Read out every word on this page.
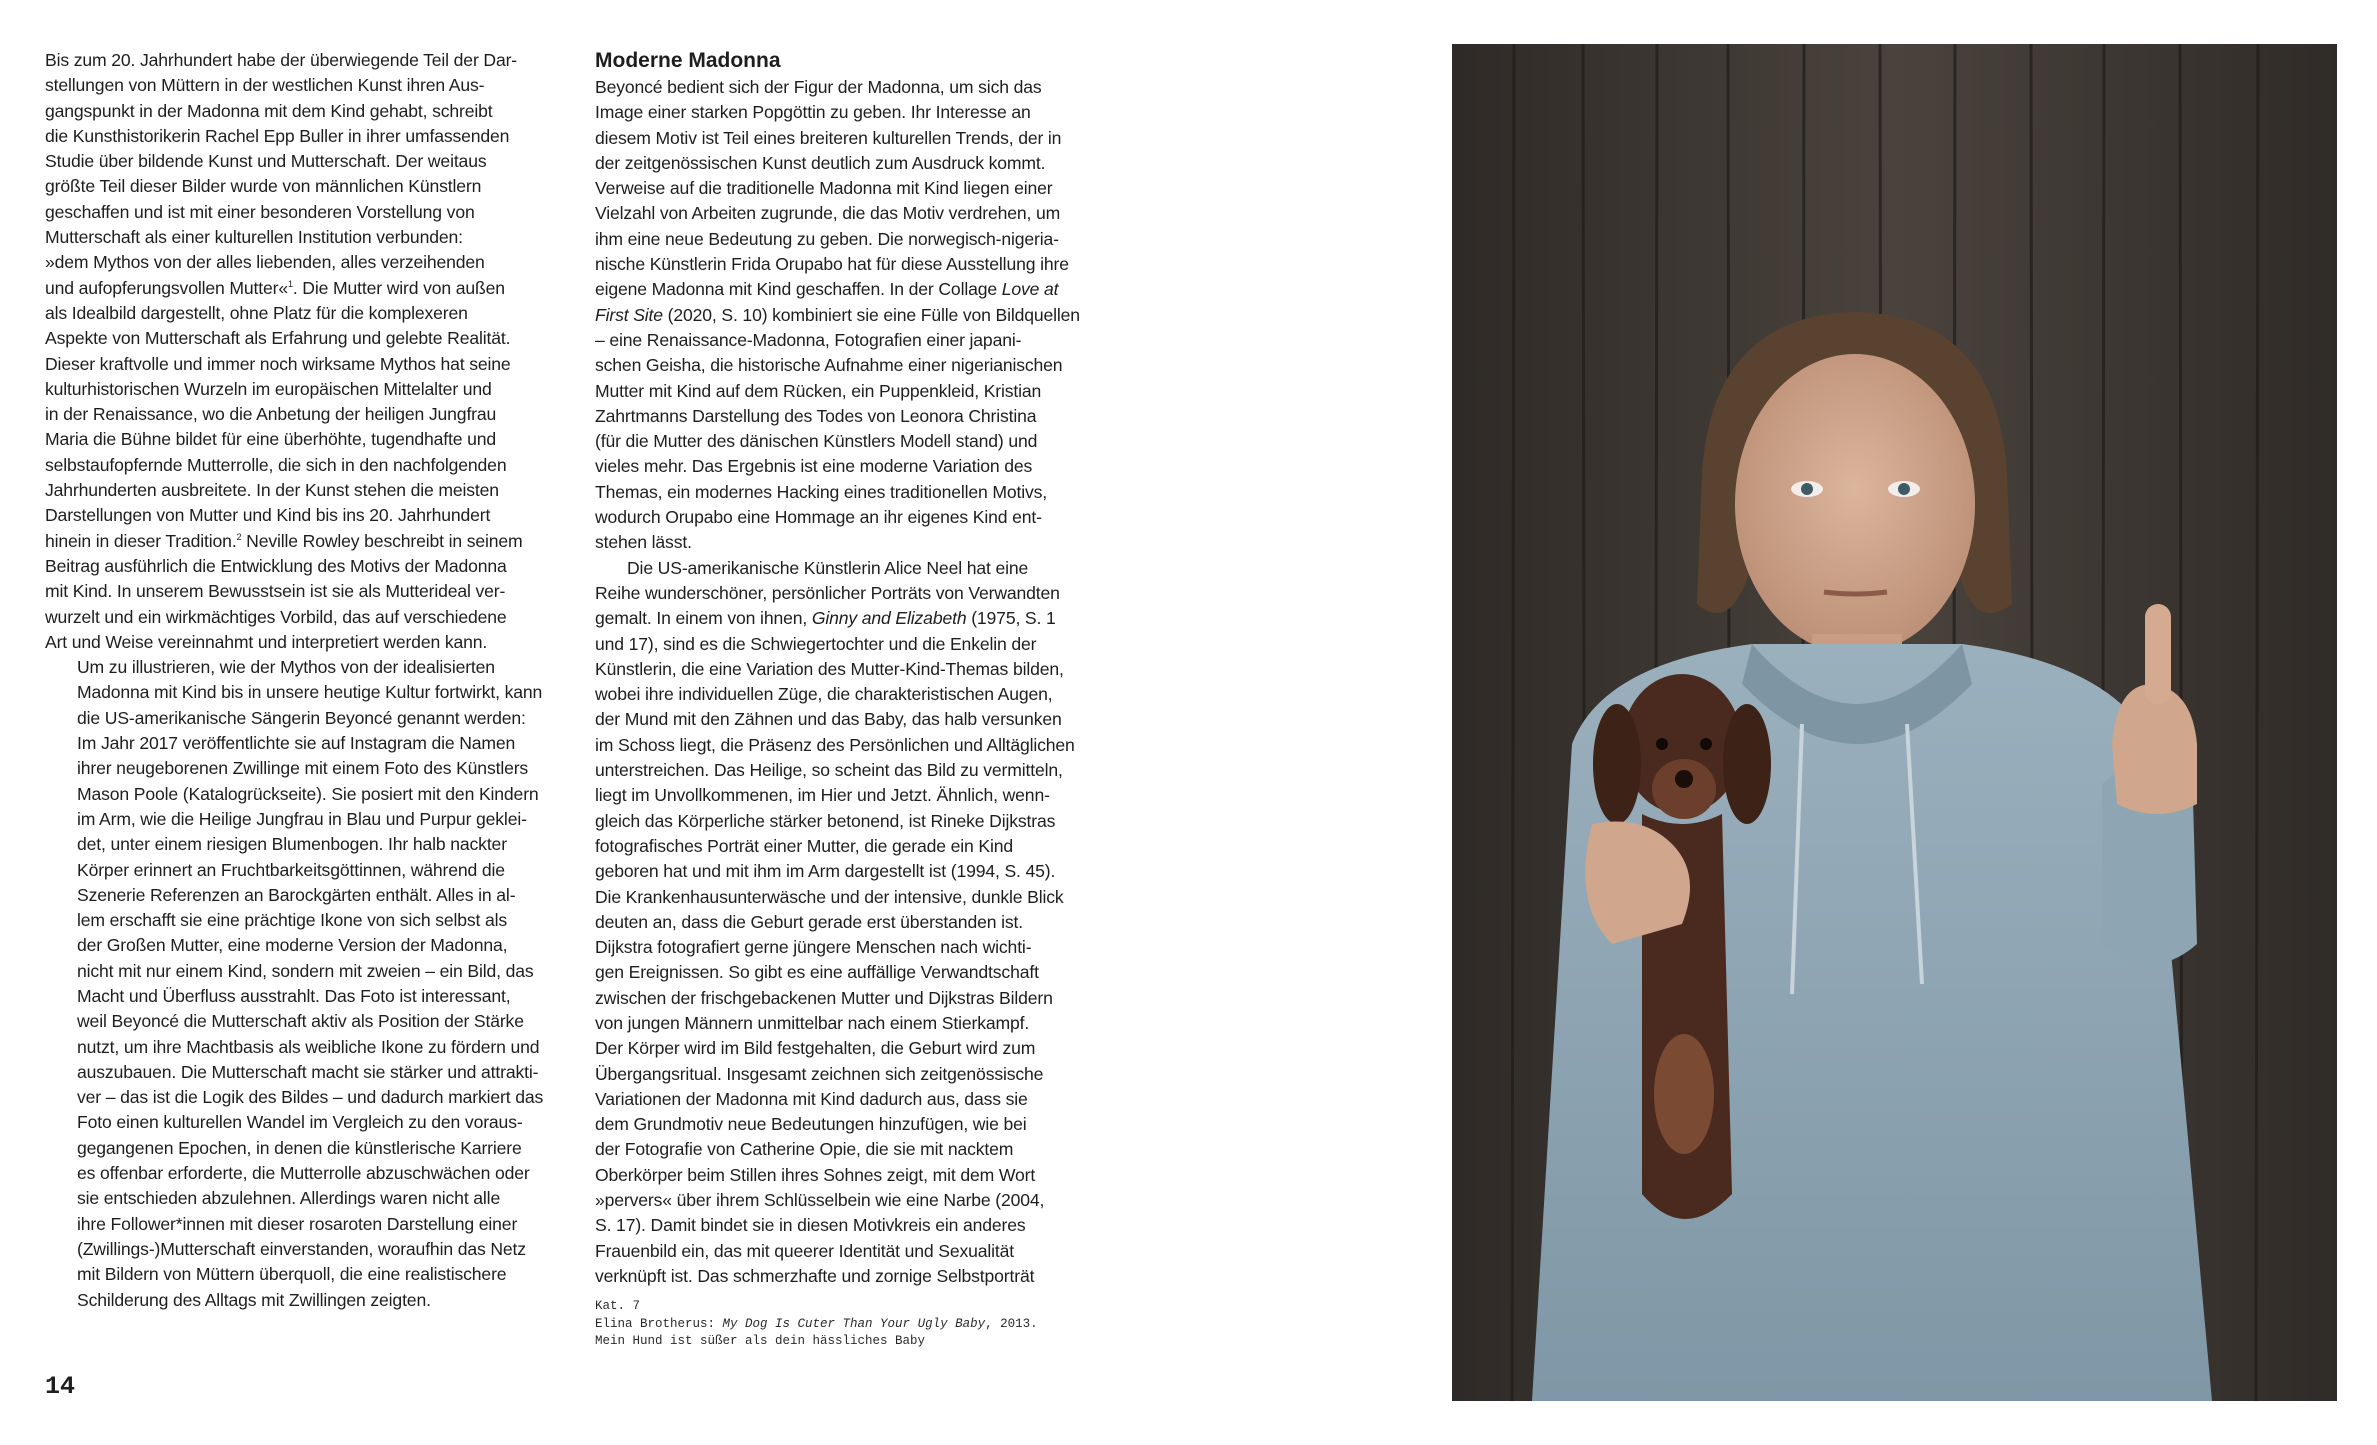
Bis zum 20. Jahrhundert habe der überwiegende Teil der Dar-
stellungen von Müttern in der westlichen Kunst ihren Aus-
gangspunkt in der Madonna mit dem Kind gehabt, schreibt
die Kunsthistorikerin Rachel Epp Buller in ihrer umfassenden
Studie über bildende Kunst und Mutterschaft. Der weitaus
größte Teil dieser Bilder wurde von männlichen Künstlern
geschaffen und ist mit einer besonderen Vorstellung von
Mutterschaft als einer kulturellen Institution verbunden:
»dem Mythos von der alles liebenden, alles verzeihenden
und aufopferungsvollen Mutter«$^1$. Die Mutter wird von außen
als Idealbild dargestellt, ohne Platz für die komplexeren
Aspekte von Mutterschaft als Erfahrung und gelebte Realität.
Dieser kraftvolle und immer noch wirksame Mythos hat seine
kulturhistorischen Wurzeln im europäischen Mittelalter und
in der Renaissance, wo die Anbetung der heiligen Jungfrau
Maria die Bühne bildet für eine überhöhte, tugendhafte und
selbstaufopfernde Mutterrolle, die sich in den nachfolgenden
Jahrhunderten ausbreitete. In der Kunst stehen die meisten
Darstellungen von Mutter und Kind bis ins 20. Jahrhundert
hinein in dieser Tradition.$^2$ Neville Rowley beschreibt in seinem
Beitrag ausführlich die Entwicklung des Motivs der Madonna
mit Kind. In unserem Bewusstsein ist sie als Mutterideal ver-
wurzelt und ein wirkmächtiges Vorbild, das auf verschiedene
Art und Weise vereinnahmt und interpretiert werden kann.

Um zu illustrieren, wie der Mythos von der idealisierten
Madonna mit Kind bis in unsere heutige Kultur fortwirkt, kann
die US-amerikanische Sängerin Beyoncé genannt werden:
Im Jahr 2017 veröffentlichte sie auf Instagram die Namen
ihrer neugeborenen Zwillinge mit einem Foto des Künstlers
Mason Poole (Katalogrückseite). Sie posiert mit den Kindern
im Arm, wie die Heilige Jungfrau in Blau und Purpur geklei-
det, unter einem riesigen Blumenbogen. Ihr halb nackter
Körper erinnert an Fruchtbarkeitsgöttinnen, während die
Szenerie Referenzen an Barockgärten enthält. Alles in al-
lem erschafft sie eine prächtige Ikone von sich selbst als
der Großen Mutter, eine moderne Version der Madonna,
nicht mit nur einem Kind, sondern mit zweien – ein Bild, das
Macht und Überfluss ausstrahlt. Das Foto ist interessant,
weil Beyoncé die Mutterschaft aktiv als Position der Stärke
nutzt, um ihre Machtbasis als weibliche Ikone zu fördern und
auszubauen. Die Mutterschaft macht sie stärker und attrakti-
ver – das ist die Logik des Bildes – und dadurch markiert das
Foto einen kulturellen Wandel im Vergleich zu den voraus-
gegangenen Epochen, in denen die künstlerische Karriere
es offenbar erforderte, die Mutterrolle abzuschwächen oder
sie entschieden abzulehnen. Allerdings waren nicht alle
ihre Follower*innen mit dieser rosaroten Darstellung einer
(Zwillings-)Mutterschaft einverstanden, woraufhin das Netz
mit Bildern von Müttern überquoll, die eine realistischere
Schilderung des Alltags mit Zwillingen zeigten.

Moderne Madonna

Beyoncé bedient sich der Figur der Madonna, um sich das
Image einer starken Popgöttin zu geben. Ihr Interesse an
diesem Motiv ist Teil eines breiteren kulturellen Trends, der in
der zeitgenössischen Kunst deutlich zum Ausdruck kommt.
Verweise auf die traditionelle Madonna mit Kind liegen einer
Vielzahl von Arbeiten zugrunde, die das Motiv verdrehen, um
ihm eine neue Bedeutung zu geben. Die norwegisch-nigeria-
nische Künstlerin Frida Orupabo hat für diese Ausstellung ihre
eigene Madonna mit Kind geschaffen. In der Collage Love at
First Site (2020, S. 10) kombiniert sie eine Fülle von Bildquellen
– eine Renaissance-Madonna, Fotografien einer japani-
schen Geisha, die historische Aufnahme einer nigerianischen
Mutter mit Kind auf dem Rücken, ein Puppenkleid, Kristian
Zahrtmanns Darstellung des Todes von Leonora Christina
(für die Mutter des dänischen Künstlers Modell stand) und
vieles mehr. Das Ergebnis ist eine moderne Variation des
Themas, ein modernes Hacking eines traditionellen Motivs,
wodurch Orupabo eine Hommage an ihr eigenes Kind ent-
stehen lässt.

Die US-amerikanische Künstlerin Alice Neel hat eine
Reihe wunderschöner, persönlicher Porträts von Verwandten
gemalt. In einem von ihnen, Ginny and Elizabeth (1975, S. 1
und 17), sind es die Schwiegertochter und die Enkelin der
Künstlerin, die eine Variation des Mutter-Kind-Themas bilden,
wobei ihre individuellen Züge, die charakteristischen Augen,
der Mund mit den Zähnen und das Baby, das halb versunken
im Schoss liegt, die Präsenz des Persönlichen und Alltäglichen
unterstreichen. Das Heilige, so scheint das Bild zu vermitteln,
liegt im Unvollkommenen, im Hier und Jetzt. Ähnlich, wenn-
gleich das Körperliche stärker betonend, ist Rineke Dijkstras
fotografisches Porträt einer Mutter, die gerade ein Kind
geboren hat und mit ihm im Arm dargestellt ist (1994, S. 45).
Die Krankenhausunterwäsche und der intensive, dunkle Blick
deuten an, dass die Geburt gerade erst überstanden ist.
Dijkstra fotografiert gerne jüngere Menschen nach wichti-
gen Ereignissen. So gibt es eine auffällige Verwandtschaft
zwischen der frischgebackenen Mutter und Dijkstras Bildern
von jungen Männern unmittelbar nach einem Stierkampf.
Der Körper wird im Bild festgehalten, die Geburt wird zum
Übergangsritual. Insgesamt zeichnen sich zeitgenössische
Variationen der Madonna mit Kind dadurch aus, dass sie
dem Grundmotiv neue Bedeutungen hinzufügen, wie bei
der Fotografie von Catherine Opie, die sie mit nacktem
Oberkörper beim Stillen ihres Sohnes zeigt, mit dem Wort
»pervers« über ihrem Schlüsselbein wie eine Narbe (2004,
S. 17). Damit bindet sie in diesen Motivkreis ein anderes
Frauenbild ein, das mit queerer Identität und Sexualität
verknüpft ist. Das schmerzhafte und zornige Selbstporträt

Kat. 7
Elina Brotherus: My Dog Is Cuter Than Your Ugly Baby, 2013.
Mein Hund ist süßer als dein hässliches Baby
14
